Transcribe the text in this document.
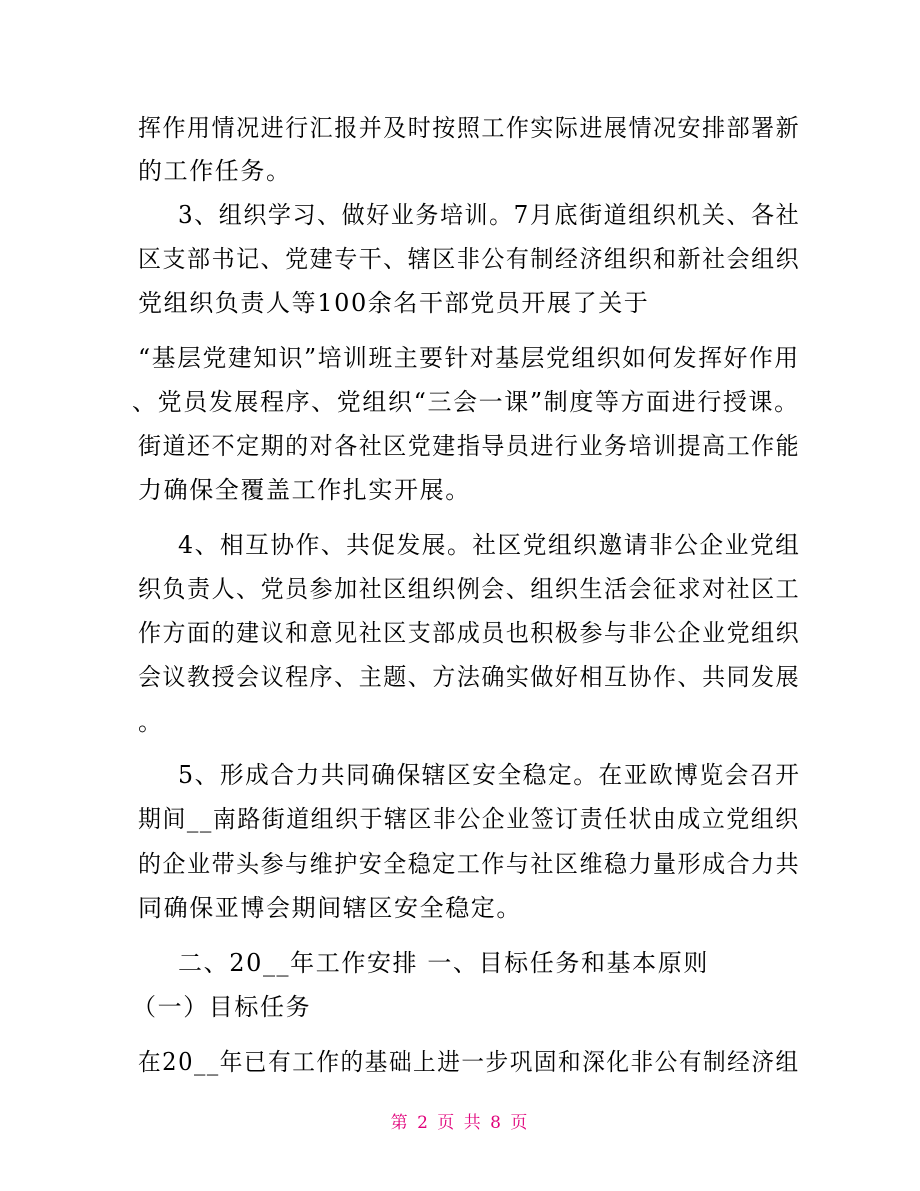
挥作用情况进行汇报并及时按照工作实际进展情况安排部署新
的工作任务。
3、组织学习、做好业务培训。7月底街道组织机关、各社
区支部书记、党建专干、辖区非公有制经济组织和新社会组织
党组织负责人等100余名干部党员开展了关于
“基层党建知识”培训班主要针对基层党组织如何发挥好作用
、党员发展程序、党组织“三会一课”制度等方面进行授课。
街道还不定期的对各社区党建指导员进行业务培训提高工作能
力确保全覆盖工作扎实开展。
4、相互协作、共促发展。社区党组织邀请非公企业党组
织负责人、党员参加社区组织例会、组织生活会征求对社区工
作方面的建议和意见社区支部成员也积极参与非公企业党组织
会议教授会议程序、主题、方法确实做好相互协作、共同发展
。
5、形成合力共同确保辖区安全稳定。在亚欧博览会召开
期间__南路街道组织于辖区非公企业签订责任状由成立党组织
的企业带头参与维护安全稳定工作与社区维稳力量形成合力共
同确保亚博会期间辖区安全稳定。
二、20__年工作安排 一、目标任务和基本原则
（一）目标任务
在20__年已有工作的基础上进一步巩固和深化非公有制经济组
第 2 页 共 8 页
